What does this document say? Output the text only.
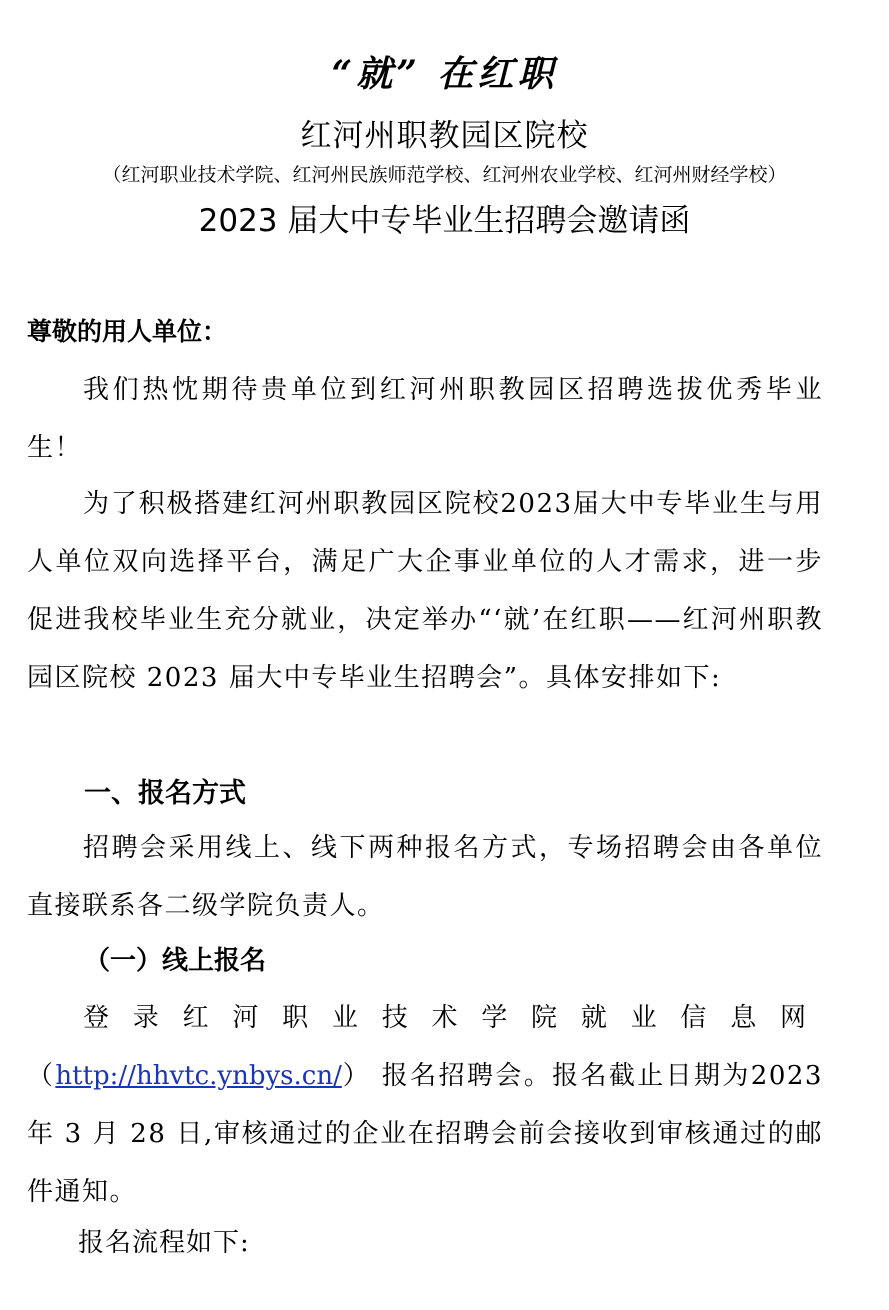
“就” 在红职
红河州职教园区院校
（红河职业技术学院、红河州民族师范学校、红河州农业学校、红河州财经学校）
2023 届大中专毕业生招聘会邀请函
尊敬的用人单位：
我们热忱期待贵单位到红河州职教园区招聘选拔优秀毕业生！
为了积极搭建红河州职教园区院校2023届大中专毕业生与用人单位双向选择平台，满足广大企事业单位的人才需求，进一步促进我校毕业生充分就业，决定举办“‘就’在红职——红河州职教园区院校 2023 届大中专毕业生招聘会”。具体安排如下:
一、报名方式
招聘会采用线上、线下两种报名方式，专场招聘会由各单位直接联系各二级学院负责人。
（一）线上报名
登录红河职业技术学院就业信息网
（http://hhvtc.ynbys.cn/） 报名招聘会。报名截止日期为2023 年 3 月 28 日,审核通过的企业在招聘会前会接收到审核通过的邮件通知。
报名流程如下:
